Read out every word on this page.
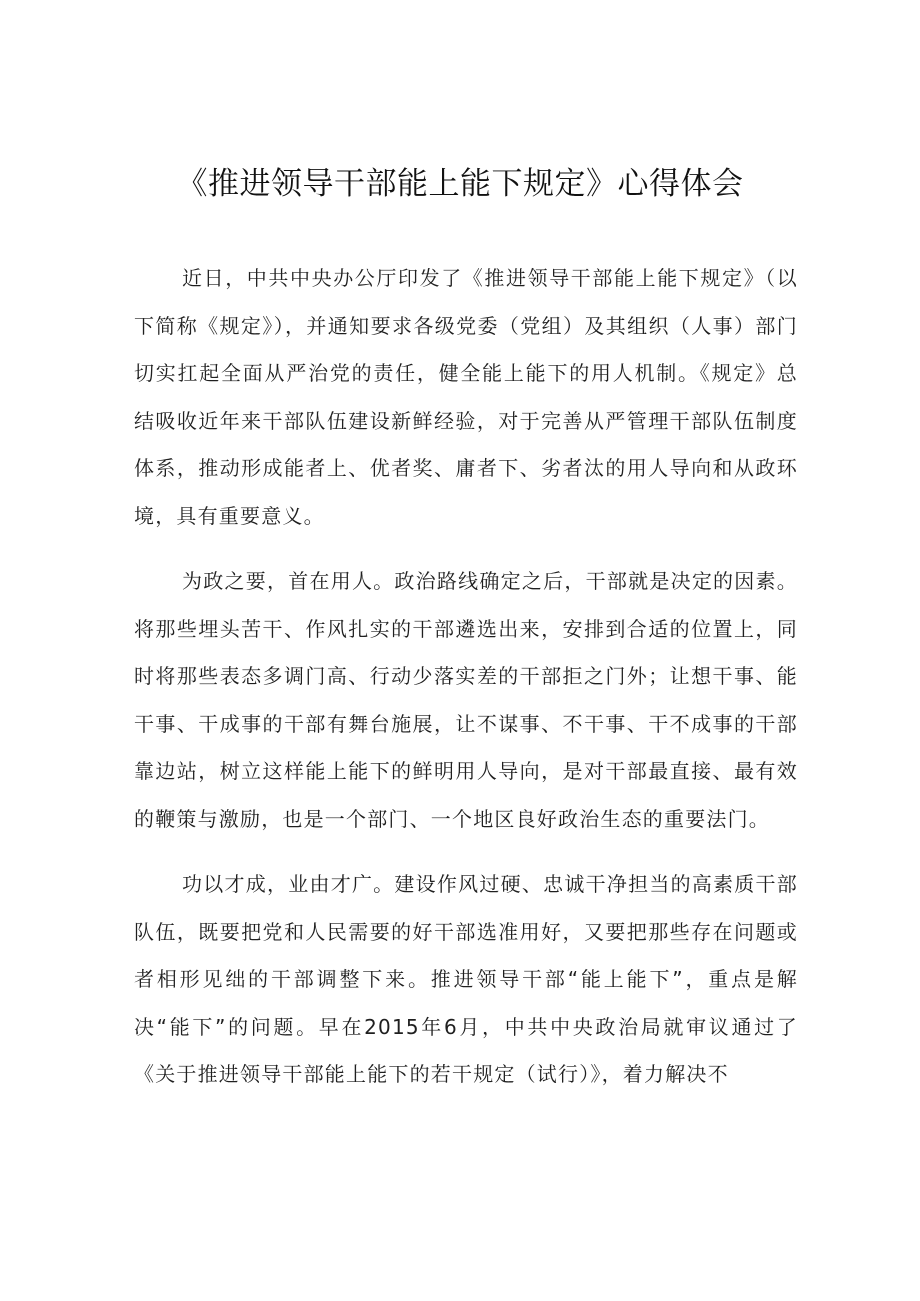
《推进领导干部能上能下规定》心得体会

近日，中共中央办公厅印发了《推进领导干部能上能下规定》（以下简称《规定》），并通知要求各级党委（党组）及其组织（人事）部门切实扛起全面从严治党的责任，健全能上能下的用人机制。《规定》总结吸收近年来干部队伍建设新鲜经验，对于完善从严管理干部队伍制度体系，推动形成能者上、优者奖、庸者下、劣者汰的用人导向和从政环境，具有重要意义。

为政之要，首在用人。政治路线确定之后，干部就是决定的因素。将那些埋头苦干、作风扎实的干部遴选出来，安排到合适的位置上，同时将那些表态多调门高、行动少落实差的干部拒之门外；让想干事、能干事、干成事的干部有舞台施展，让不谋事、不干事、干不成事的干部靠边站，树立这样能上能下的鲜明用人导向，是对干部最直接、最有效的鞭策与激励，也是一个部门、一个地区良好政治生态的重要法门。

功以才成，业由才广。建设作风过硬、忠诚干净担当的高素质干部队伍，既要把党和人民需要的好干部选准用好，又要把那些存在问题或者相形见绌的干部调整下来。推进领导干部“能上能下”，重点是解决“能下”的问题。早在2015年6月，中共中央政治局就审议通过了《关于推进领导干部能上能下的若干规定（试行）》，着力解决不
